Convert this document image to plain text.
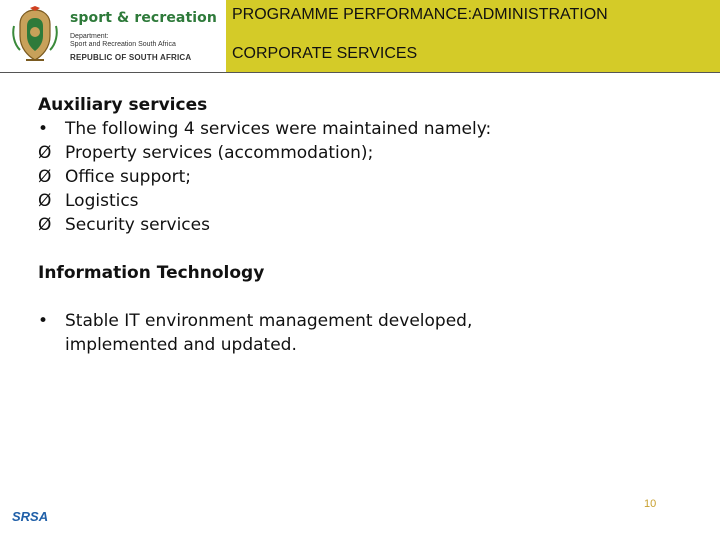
sport & recreation
Department:
Sport and Recreation South Africa
REPUBLIC OF SOUTH AFRICA
PROGRAMME PERFORMANCE:ADMINISTRATION
CORPORATE SERVICES

Auxiliary services

• The following 4 services were maintained namely:
Ø Property services (accommodation);
Ø Office support;
Ø Logistics
Ø Security services

Information Technology

• Stable IT environment management developed,
implemented and updated.
SRSA
10
